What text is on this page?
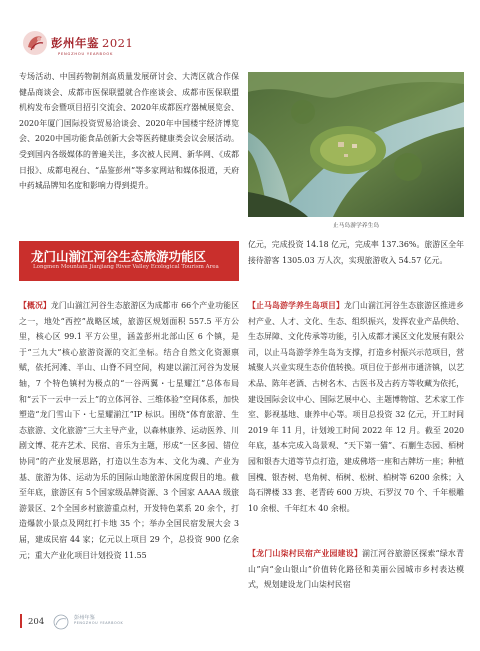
彭州年鉴 2021
PENGZHOU YEARBOOK

专场活动、中国药物制剂高质量发展研讨会、大湾区就合作保健品商谈会、成都市医保联盟就合作座谈会、成都市医保联盟机构发布会暨项目招引交流会、2020年成都医疗器械展览会、2020年厦门国际投资贸易洽谈会、2020年中国楼宇经济博览会、2020中国功能食品创新大会等医药健康类会议会展活动。受到国内各级媒体的普遍关注，多次被人民网、新华网、《成都日报》、成都电视台、“品鉴彭州”等多家网站和媒体报道，天府中药城品牌知名度和影响力得到提升。

止马岛游学养生岛
龙门山湔江河谷生态旅游功能区
Longmen Mountain Jianjiang River Valley Ecological Tourism Area

亿元，完成投资 14.18 亿元，完成率 137.36%。旅游区全年接待游客 1305.03 万人次，实现旅游收入 54.57 亿元。

【概况】龙门山湔江河谷生态旅游区为成都市 66个产业功能区之一，地处“西控”战略区域，旅游区规划面积 557.5 平方公里，核心区 99.1 平方公里，涵盖彭州北部山区 6 个镇，是于“三九大”核心旅游资源的交汇坐标。结合自然文化资源禀赋，依托河滩、半山、山脊不同空间，构建以湔江河谷为发展轴，7 个特色镇村为极点的“一谷两翼・七星耀江”总体布局和“云下一云中一云上”的立体河谷、三维体验”空间体系，加快塑造“龙门雪山下・七星耀湔江”IP 标识。围绕“体育旅游、生态旅游、文化旅游”三大主导产业，以森林康养、运动医养、川剧文博、花卉艺术、民宿、音乐为主题，形成“一区多园、错位协同”的产业发展思路，打造以生态为本、文化为魂、产业为基、旅游为体、运动为乐的国际山地旅游休闲度假目的地。截至年底，旅游区有 5个国家级品牌资源、3 个国家 AAAA 级旅游景区、2个全国乡村旅游重点村，开发特色菜系 20 余个，打造爆款小景点及网红打卡地 35 个；举办全国民宿发展大会 3 届，建成民宿 44 家；亿元以上项目 29 个，总投资 900 亿余元；重大产业化项目计划投资 11.55

【止马岛游学养生岛项目】龙门山湔江河谷生态旅游区推进乡村产业、人才、文化、生态、组织振兴，发挥农业产品供给、生态屏障、文化传承等功能，引入成都才溪区文化发展有限公司，以止马岛游学养生岛为支撑，打造乡村振兴示范项目，营城聚人兴业实现生态价值转换。项目位于彭州市通济镇，以艺术品、陈年老酒、古树名木、古医书及古药方等收藏为依托，建设国际会议中心、国际艺展中心、主题博物馆、艺术家工作室、影视基地、康养中心等。项目总投资 32 亿元，开工时间 2019 年 11 月，计划竣工时间 2022 年 12 月。截至 2020 年底，基本完成入岛景观、“天下第一猫”、石蒯生态园、栢树园和银杏大道等节点打造，建成佛塔一座和古牌坊一座；种植国槐、银杏树、皂角树、栢树、松树、柏树等 6200 余株；入岛石牌楼 33 套、老青砖 600 万块、石罗汉 70 个、千年根雕 10 余根、千年红木 40 余根。

【龙门山柒村民宿产业园建设】湔江河谷旅游区探索“绿水青山”向“金山银山”价值转化路径和美丽公园城市乡村表达模式，规划建设龙门山柒村民宿

204	彭州年鉴
PENGZHOU YEARBOOK
